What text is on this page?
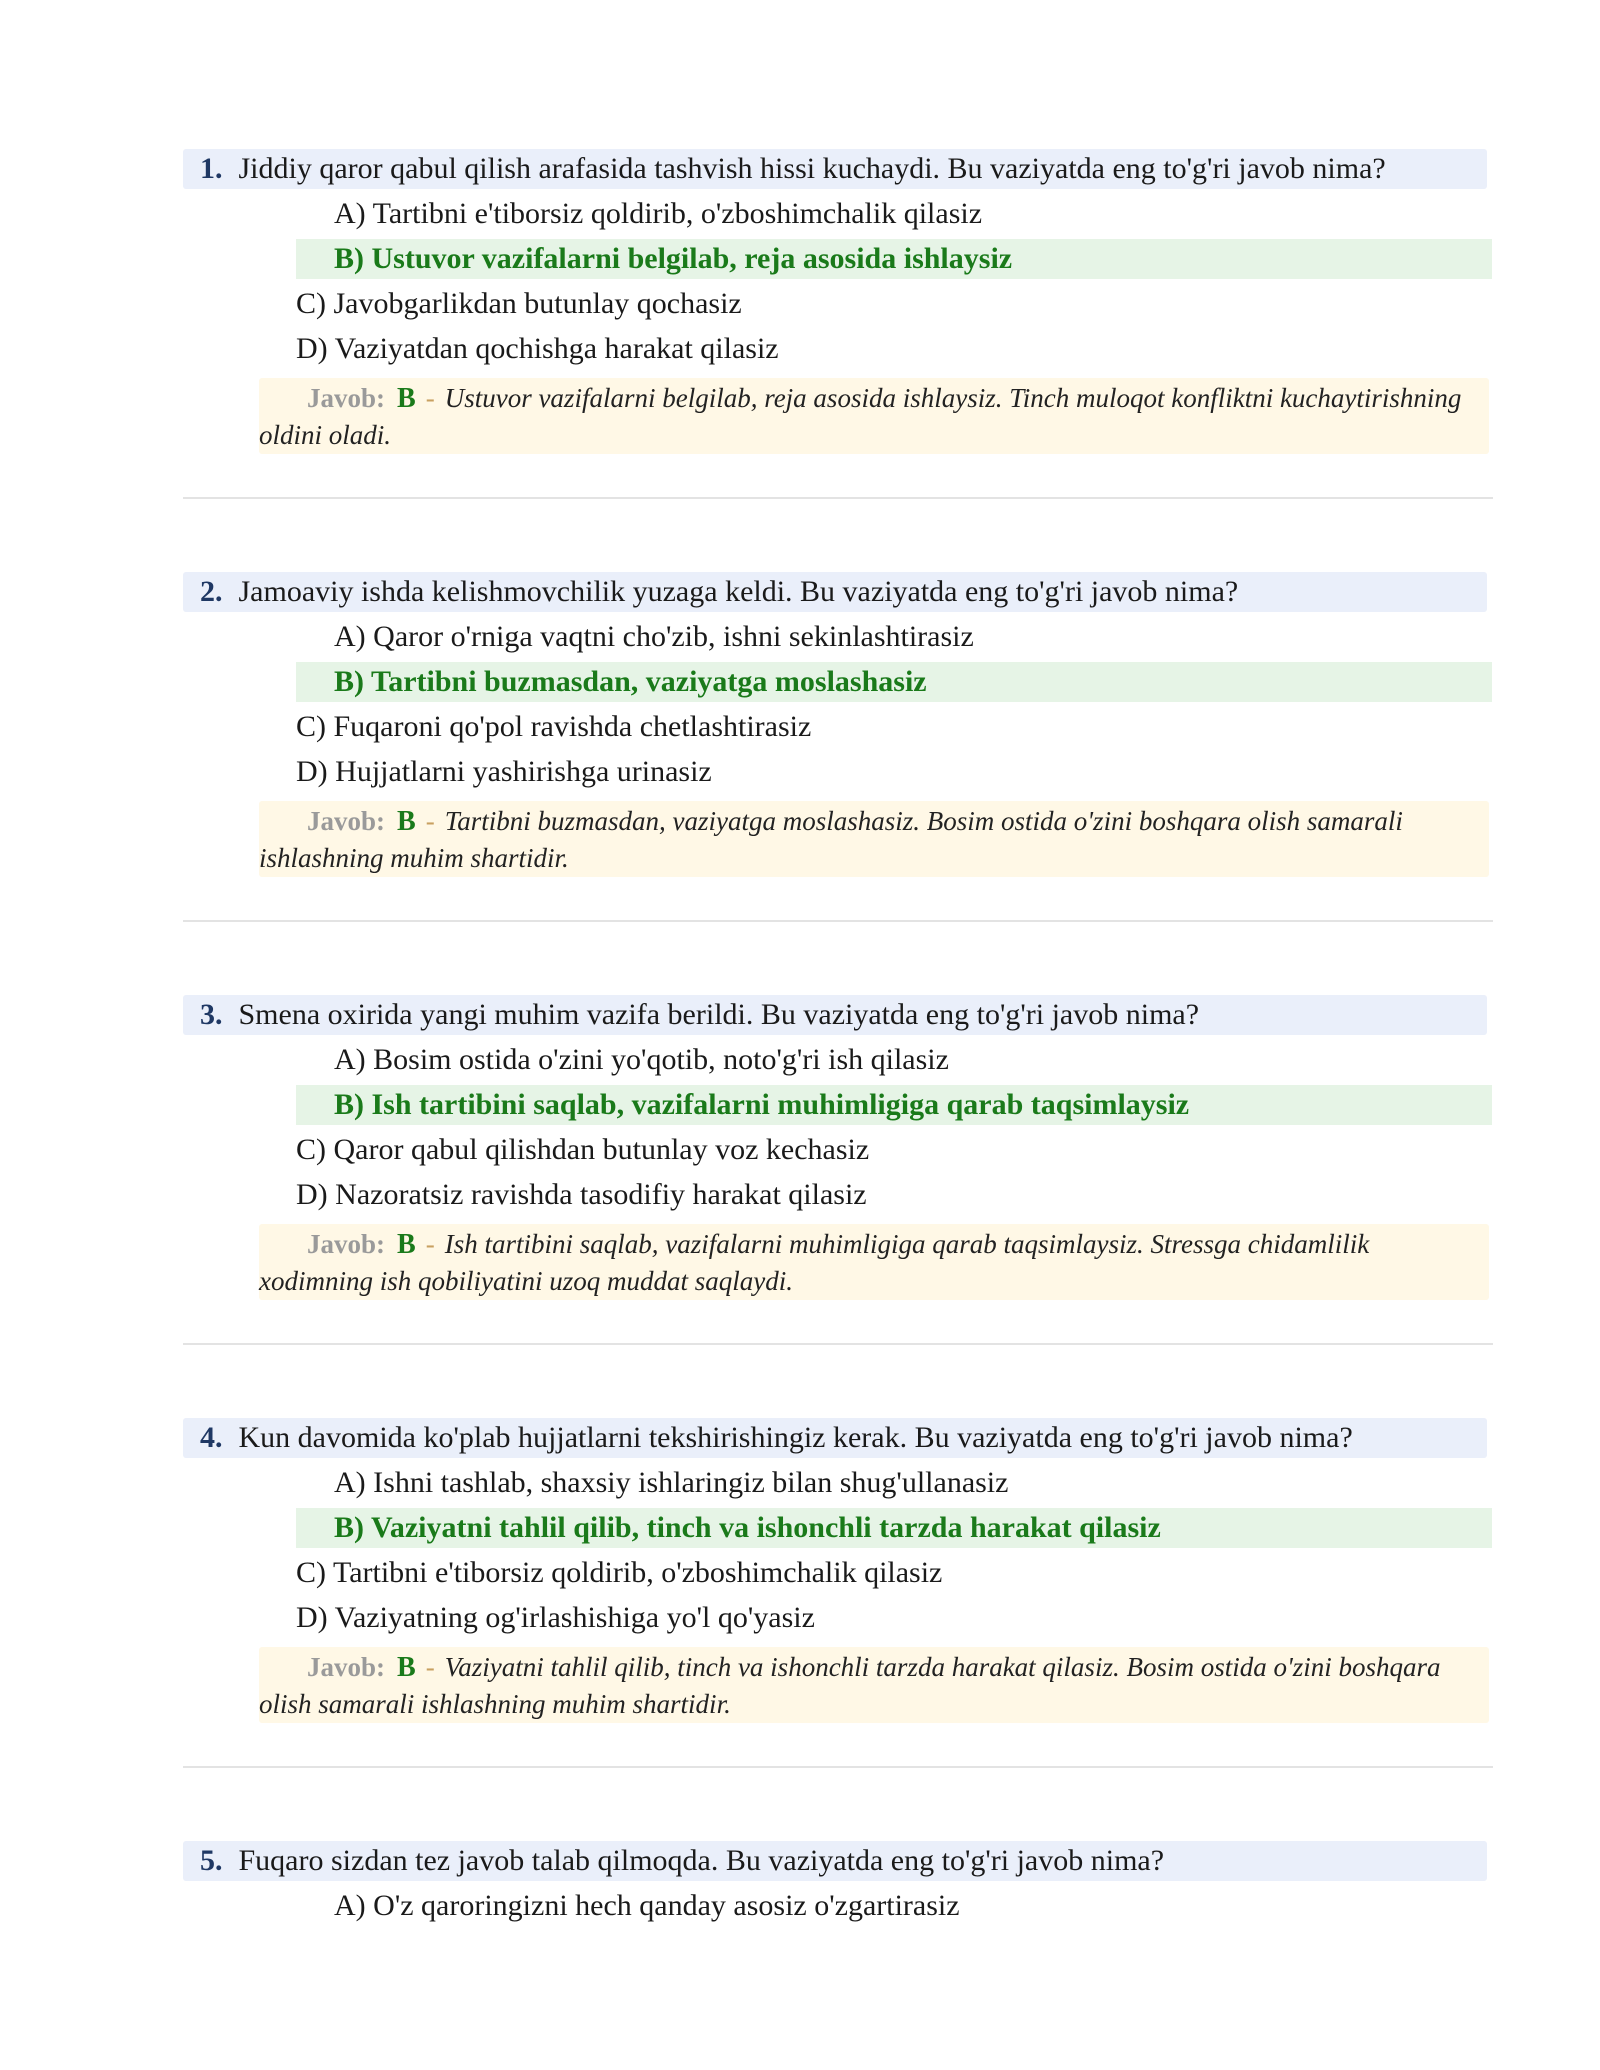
1. Jiddiy qaror qabul qilish arafasida tashvish hissi kuchaydi. Bu vaziyatda eng to'g'ri javob nima?
A) Tartibni e'tiborsiz qoldirib, o'zboshimchalik qilasiz
B) Ustuvor vazifalarni belgilab, reja asosida ishlaysiz
C) Javobgarlikdan butunlay qochasiz
D) Vaziyatdan qochishga harakat qilasiz
Javob: B - Ustuvor vazifalarni belgilab, reja asosida ishlaysiz. Tinch muloqot konfliktni kuchaytirishning oldini oladi.
2. Jamoaviy ishda kelishmovchilik yuzaga keldi. Bu vaziyatda eng to'g'ri javob nima?
A) Qaror o'rniga vaqtni cho'zib, ishni sekinlashtirasiz
B) Tartibni buzmasdan, vaziyatga moslashasiz
C) Fuqaroni qo'pol ravishda chetlashtirasiz
D) Hujjatlarni yashirishga urinasiz
Javob: B - Tartibni buzmasdan, vaziyatga moslashasiz. Bosim ostida o'zini boshqara olish samarali ishlashning muhim shartidir.
3. Smena oxirida yangi muhim vazifa berildi. Bu vaziyatda eng to'g'ri javob nima?
A) Bosim ostida o'zini yo'qotib, noto'g'ri ish qilasiz
B) Ish tartibini saqlab, vazifalarni muhimligiga qarab taqsimlaysiz
C) Qaror qabul qilishdan butunlay voz kechasiz
D) Nazoratsiz ravishda tasodifiy harakat qilasiz
Javob: B - Ish tartibini saqlab, vazifalarni muhimligiga qarab taqsimlaysiz. Stressga chidamlilik xodimning ish qobiliyatini uzoq muddat saqlaydi.
4. Kun davomida ko'plab hujjatlarni tekshirishingiz kerak. Bu vaziyatda eng to'g'ri javob nima?
A) Ishni tashlab, shaxsiy ishlaringiz bilan shug'ullanasiz
B) Vaziyatni tahlil qilib, tinch va ishonchli tarzda harakat qilasiz
C) Tartibni e'tiborsiz qoldirib, o'zboshimchalik qilasiz
D) Vaziyatning og'irlashishiga yo'l qo'yasiz
Javob: B - Vaziyatni tahlil qilib, tinch va ishonchli tarzda harakat qilasiz. Bosim ostida o'zini boshqara olish samarali ishlashning muhim shartidir.
5. Fuqaro sizdan tez javob talab qilmoqda. Bu vaziyatda eng to'g'ri javob nima?
A) O'z qaroringizni hech qanday asosiz o'zgartirasiz
